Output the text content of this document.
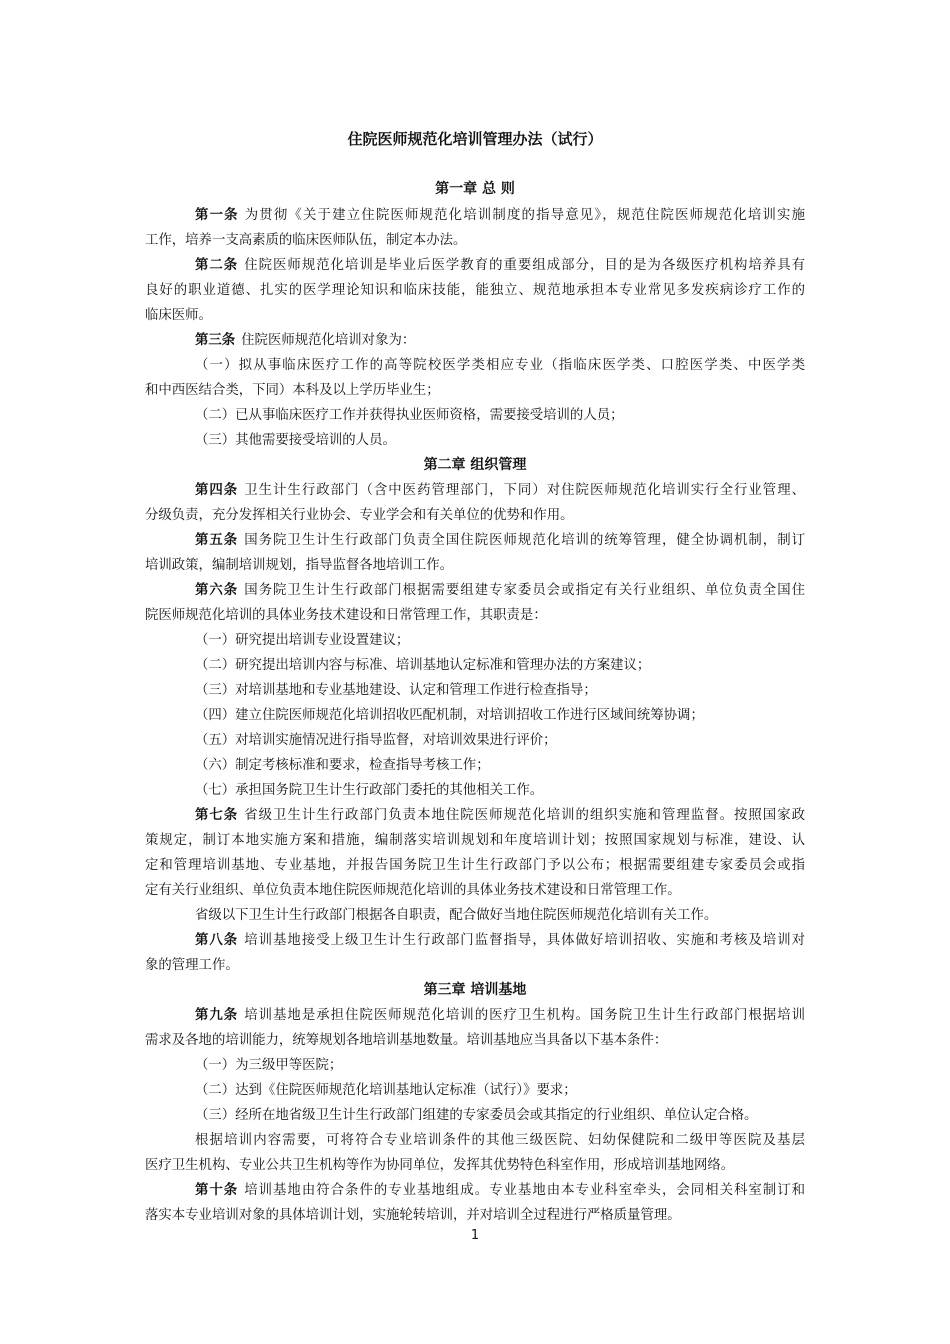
住院医师规范化培训管理办法（试行）
第一章 总 则
第一条 为贯彻《关于建立住院医师规范化培训制度的指导意见》，规范住院医师规范化培训实施
工作，培养一支高素质的临床医师队伍，制定本办法。
第二条 住院医师规范化培训是毕业后医学教育的重要组成部分，目的是为各级医疗机构培养具有
良好的职业道德、扎实的医学理论知识和临床技能，能独立、规范地承担本专业常见多发疾病诊疗工作的
临床医师。
第三条 住院医师规范化培训对象为：
（一）拟从事临床医疗工作的高等院校医学类相应专业（指临床医学类、口腔医学类、中医学类
和中西医结合类，下同）本科及以上学历毕业生；
（二）已从事临床医疗工作并获得执业医师资格，需要接受培训的人员；
（三）其他需要接受培训的人员。
第二章 组织管理
第四条 卫生计生行政部门（含中医药管理部门，下同）对住院医师规范化培训实行全行业管理、
分级负责，充分发挥相关行业协会、专业学会和有关单位的优势和作用。
第五条 国务院卫生计生行政部门负责全国住院医师规范化培训的统筹管理，健全协调机制，制订
培训政策，编制培训规划，指导监督各地培训工作。
第六条 国务院卫生计生行政部门根据需要组建专家委员会或指定有关行业组织、单位负责全国住
院医师规范化培训的具体业务技术建设和日常管理工作，其职责是：
（一）研究提出培训专业设置建议；
（二）研究提出培训内容与标准、培训基地认定标准和管理办法的方案建议；
（三）对培训基地和专业基地建设、认定和管理工作进行检查指导；
（四）建立住院医师规范化培训招收匹配机制，对培训招收工作进行区域间统筹协调；
（五）对培训实施情况进行指导监督，对培训效果进行评价；
（六）制定考核标准和要求，检查指导考核工作；
（七）承担国务院卫生计生行政部门委托的其他相关工作。
第七条 省级卫生计生行政部门负责本地住院医师规范化培训的组织实施和管理监督。按照国家政
策规定，制订本地实施方案和措施，编制落实培训规划和年度培训计划；按照国家规划与标准，建设、认
定和管理培训基地、专业基地，并报告国务院卫生计生行政部门予以公布；根据需要组建专家委员会或指
定有关行业组织、单位负责本地住院医师规范化培训的具体业务技术建设和日常管理工作。
省级以下卫生计生行政部门根据各自职责，配合做好当地住院医师规范化培训有关工作。
第八条 培训基地接受上级卫生计生行政部门监督指导，具体做好培训招收、实施和考核及培训对
象的管理工作。
第三章 培训基地
第九条 培训基地是承担住院医师规范化培训的医疗卫生机构。国务院卫生计生行政部门根据培训
需求及各地的培训能力，统筹规划各地培训基地数量。培训基地应当具备以下基本条件：
（一）为三级甲等医院；
（二）达到《住院医师规范化培训基地认定标准（试行）》要求；
（三）经所在地省级卫生计生行政部门组建的专家委员会或其指定的行业组织、单位认定合格。
根据培训内容需要，可将符合专业培训条件的其他三级医院、妇幼保健院和二级甲等医院及基层
医疗卫生机构、专业公共卫生机构等作为协同单位，发挥其优势特色科室作用，形成培训基地网络。
第十条 培训基地由符合条件的专业基地组成。专业基地由本专业科室牵头，会同相关科室制订和
落实本专业培训对象的具体培训计划，实施轮转培训，并对培训全过程进行严格质量管理。
1
